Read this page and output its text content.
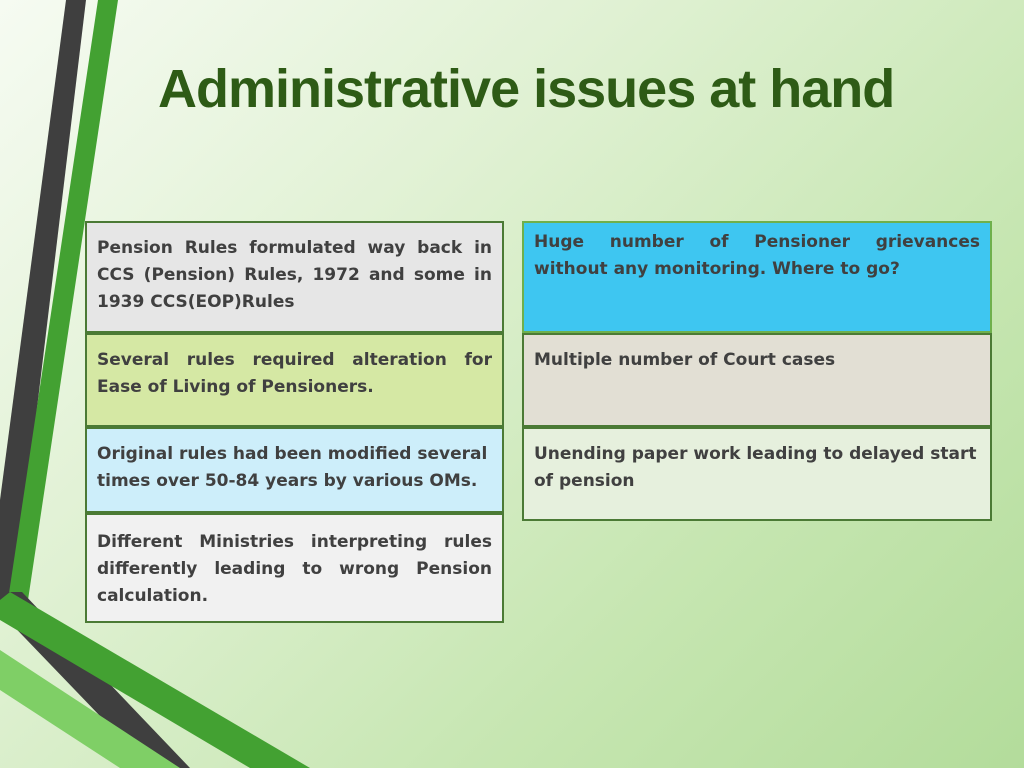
Administrative issues at hand
Pension Rules formulated way back in CCS (Pension) Rules, 1972 and some in 1939 CCS(EOP)Rules
Several rules required alteration for Ease of Living of Pensioners.
Original rules had been modified several times over 50-84 years by various OMs.
Different Ministries interpreting rules differently leading to wrong Pension calculation.
Huge number of Pensioner grievances without any monitoring. Where to go?
Multiple number of Court cases
Unending paper work leading to delayed start of pension
